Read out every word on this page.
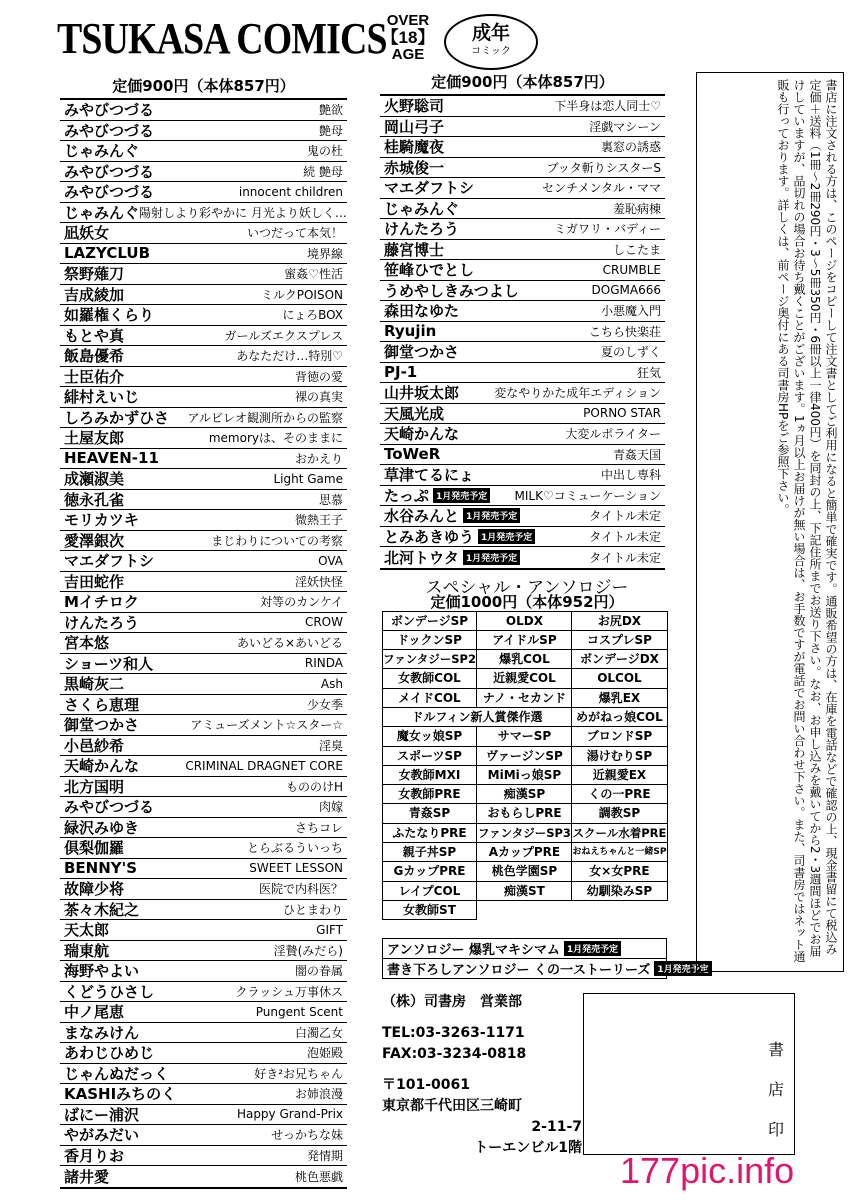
TSUKASA COMICS OVER
【18】
AGE
成年
コミック
定価900円（本体857円）
みやびつづる	艶欲
みやびつづる	艶母
じゃみんぐ	鬼の杜
みやびつづる	続 艶母
みやびつづる	innocent children
じゃみんぐ 陽射しより彩やかに 月光より妖しく…
凪妖女	いつだって本気！
LAZYCLUB	境界線
祭野薙刀	蜜姦♡性活
吉成綾加	ミルクPOISON
如羅権くらり	にょろBOX
もとや真	ガールズエクスプレス
飯島優希	あなただけ…特別♡
士臣佑介	背徳の愛
緋村えいじ	裸の真実
しろみかずひさ アルビレオ観測所からの監察
土屋友郎	memoryは、そのままに
HEAVEN-11	おかえり
成瀬淑美	Light Game
徳永孔雀	思慕
モリカツキ	微熱王子
愛澤銀次	まじわりについての考察
マエダフトシ	OVA
吉田蛇作	淫妖快怪
Mイチロク	対等のカンケイ
けんたろう	CROW
宮本悠	あいどる×あいどる
ショーツ和人	RINDA
黒崎灰二	Ash
さくら恵理	少女季
御堂つかさ	アミューズメント☆スター☆
小邑紗希	淫臭
天崎かんな	CRIMINAL DRAGNET CORE
北方国明	もののけH
みやびつづる	肉嫁
緑沢みゆき	さちコレ
倶梨伽羅	とらぶるういっち
BENNY'S	SWEET LESSON
故障少将	医院で内科医？
茶々木紀之	ひとまわり
天太郎	GIFT
瑞東航	淫贄(みだら)
海野やよい	闇の眷属
くどうひさし	クラッシュ万事休ス
中ノ尾恵	Pungent Scent
まなみけん	白濁乙女
あわじひめじ	泡姫殿
じゃんぬだっく	好き²お兄ちゃん
KASHIみちのく	お姉浪漫
ばにー浦沢	Happy Grand-Prix
やがみだい	せっかちな妹
香月りお	発情期
諸井愛	桃色悪戯
定価900円（本体857円）
火野聡司	下半身は恋人同士♡
岡山弓子	淫戯マシーン
桂騎魔夜	裏窓の誘惑
赤城俊一	ブッタ斬りシスターS
マエダフトシ	センチメンタル・ママ
じゃみんぐ	羞恥病棟
けんたろう	ミガワリ・バディー
藤宮博士	しこたま
笹峰ひでとし	CRUMBLE
うめやしきみつよし	DOGMA666
森田なゆた	小悪魔入門
Ryujin	こちら快楽荘
御堂つかさ	夏のしずく
PJ-1	狂気
山井坂太郎	変なやりかた成年エディション
天風光成	PORNO STAR
天崎かんな	大変ルポライター
ToWeR	青姦天国
草津てるにょ	中出し専科
たっぷ 1月発売予定 MILK♡コミューケーション
水谷みんと 1月発売予定	タイトル未定
とみあきゆう 1月発売予定	タイトル未定
北河トウタ 1月発売予定	タイトル未定
スペシャル・アンソロジー
定価1000円（本体952円）
ボンデージSP	OLDX	お尻DX
ドックンSP	アイドルSP	コスプレSP
ファンタジーSP2	爆乳COL	ボンデージDX
女教師COL	近親愛COL	OLCOL
メイドCOL	ナノ・セカンド	爆乳EX
ドルフィン新人賞傑作選	めがねっ娘COL
魔女ッ娘SP	サマーSP	ブロンドSP
スポーツSP	ヴァージンSP	湯けむりSP
女教師MXI	MiMiっ娘SP	近親愛EX
女教師PRE	痴漢SP	くの一PRE
青姦SP	おもらしPRE	調教SP
ふたなりPRE ファンタジーSP3 スクール水着PRE
親子丼SP	AカップPRE	おねえちゃんと一緒SP
GカップPRE	桃色学園SP	女×女PRE
レイプCOL	痴漢ST	幼馴染みSP
女教師ST
アンソロジー 爆乳マキシマム 1月発売予定
書き下ろしアンソロジー くの一ストーリーズ 1月発売予定
（株）司書房　営業部
TEL:03-3263-1171
FAX:03-3234-0818
〒101-0061
東京都千代田区三崎町
2-11-7
トーエンビル1階
書店印
書店に注文される方は、このページをコピーして注文書としてご利用になると簡単で確実です。通販希望の方は、在庫を電話などで確認の上、現金書留にて税込み定価＋送料（1冊～2冊290円・3～5冊350円・6冊以上一律400円）を同封の上、下記住所までお送り下さい。なお、お申し込みを戴いてから2・3週間ほどでお届けしていますが、品切れの場合お待ち戴くことがございます。1ヵ月以上お届けが無い場合は、お手数ですが電話でお問い合わせ下さい。また、司書房ではネット通販も行っております。詳しくは、前ページ奥付にある司書房HPをご参照下さい。
177pic.info
